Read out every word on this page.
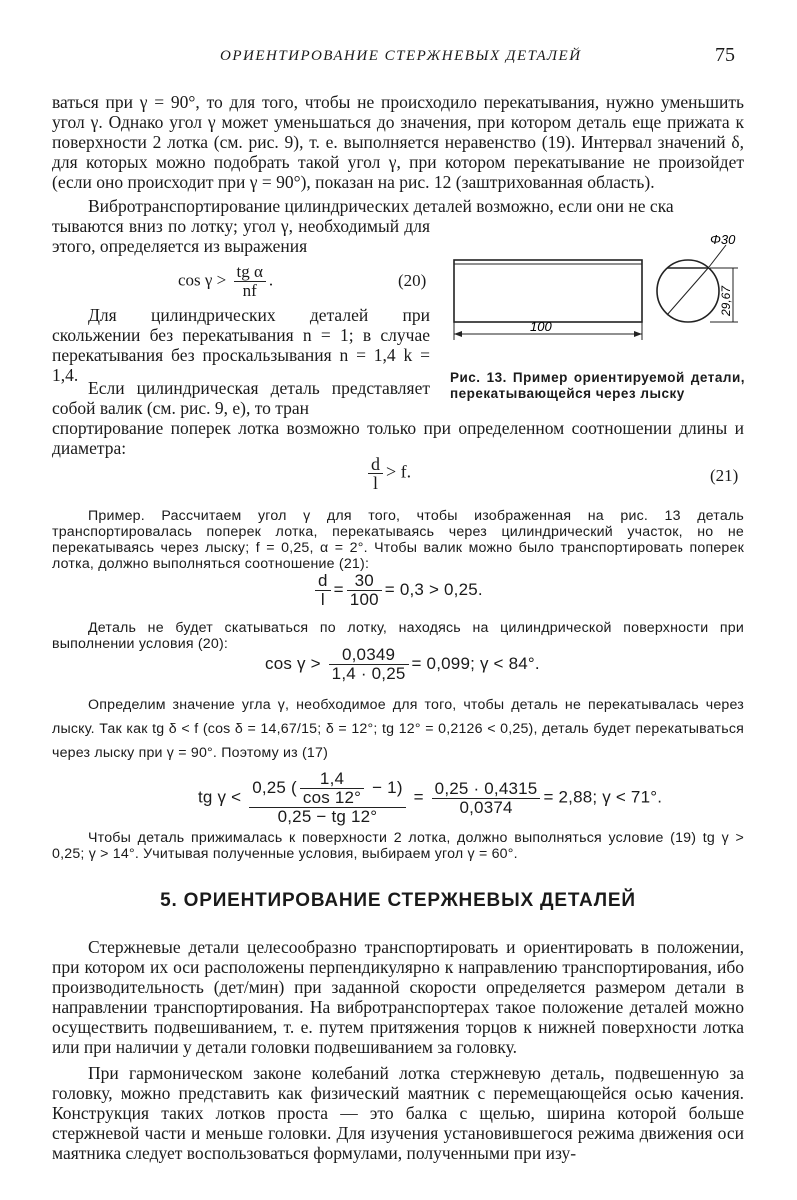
ОРИЕНТИРОВАНИЕ СТЕРЖНЕВЫХ ДЕТАЛЕЙ	75
ваться при γ = 90°, то для того, чтобы не происходило перекатывания, нужно уменьшить угол γ. Однако угол γ может уменьшаться до значения, при котором деталь еще прижата к поверхности 2 лотка (см. рис. 9), т. е. выполняется неравенство (19). Интервал значений δ, для которых можно подобрать такой угол γ, при котором перекатывание не произойдет (если оно происходит при γ = 90°), показан на рис. 12 (заштрихованная область).
Вибротранспортирование цилиндрических деталей возможно, если они не ска
тываются вниз по лотку; угол γ, необходимый для этого, определяется из выражения
$\cos \gamma > \frac{\text{tg α}}{nf}$ .	(20)
Для цилиндрических деталей при скольжении без перекатывания n = 1; в случае перекатывания без проскальзывания n = 1,4 k = 1,4.
Если цилиндрическая деталь представляет собой валик (см. рис. 9, е), то тран
спортирование поперек лотка возможно только при определенном соотношении длины и диаметра:
100
Φ30
29,67
Рис. 13. Пример ориентируемой детали, перекатывающейся через лыску
$\frac{d}{l} > f$.	(21)
Пример. Рассчитаем угол γ для того, чтобы изображенная на рис. 13 деталь транспортировалась поперек лотка, перекатываясь через цилиндрический участок, но не перекатываясь через лыску; f = 0,25, α = 2°. Чтобы валик можно было транспортировать поперек лотка, должно выполняться соотношение (21):
$\frac{d}{l} = \frac{30}{100} = 0,3 > 0,25$.
Деталь не будет скатываться по лотку, находясь на цилиндрической поверхности при выполнении условия (20):
$\cos \gamma > \frac{0,0349}{1,4 \cdot 0,25} = 0,099$; γ < 84°.
Определим значение угла γ, необходимое для того, чтобы деталь не перекатывалась через лыску. Так как tg δ < f (cos δ = 14,67/15; δ = 12°; tg 12° = 0,2126 < 0,25), деталь будет перекатываться через лыску при γ = 90°. Поэтому из (17)
tg $\gamma < \frac{0,25 ( \frac{1,4}{\cos 12^\circ} - 1)}{0,25 - tg 12^\circ} = \frac{0,25 \cdot 0,4315}{0,0374} = 2,88$; γ < 71°.
Чтобы деталь прижималась к поверхности 2 лотка, должно выполняться условие (19) tg γ > 0,25; γ > 14°. Учитывая полученные условия, выбираем угол γ = 60°.
5. ОРИЕНТИРОВАНИЕ СТЕРЖНЕВЫХ ДЕТАЛЕЙ
Стержневые детали целесообразно транспортировать и ориентировать в положении, при котором их оси расположены перпендикулярно к направлению транспортирования, ибо производительность (дет/мин) при заданной скорости определяется размером детали в направлении транспортирования. На вибротранспортерах такое положение деталей можно осуществить подвешиванием, т. е. путем притяжения торцов к нижней поверхности лотка или при наличии у детали головки подвешиванием за головку.
При гармоническом законе колебаний лотка стержневую деталь, подвешенную за головку, можно представить как физический маятник с перемещающейся осью качения. Конструкция таких лотков проста — это балка с щелью, ширина которой больше стержневой части и меньше головки. Для изучения установившегося режима движения оси маятника следует воспользоваться формулами, полученными при изу-
